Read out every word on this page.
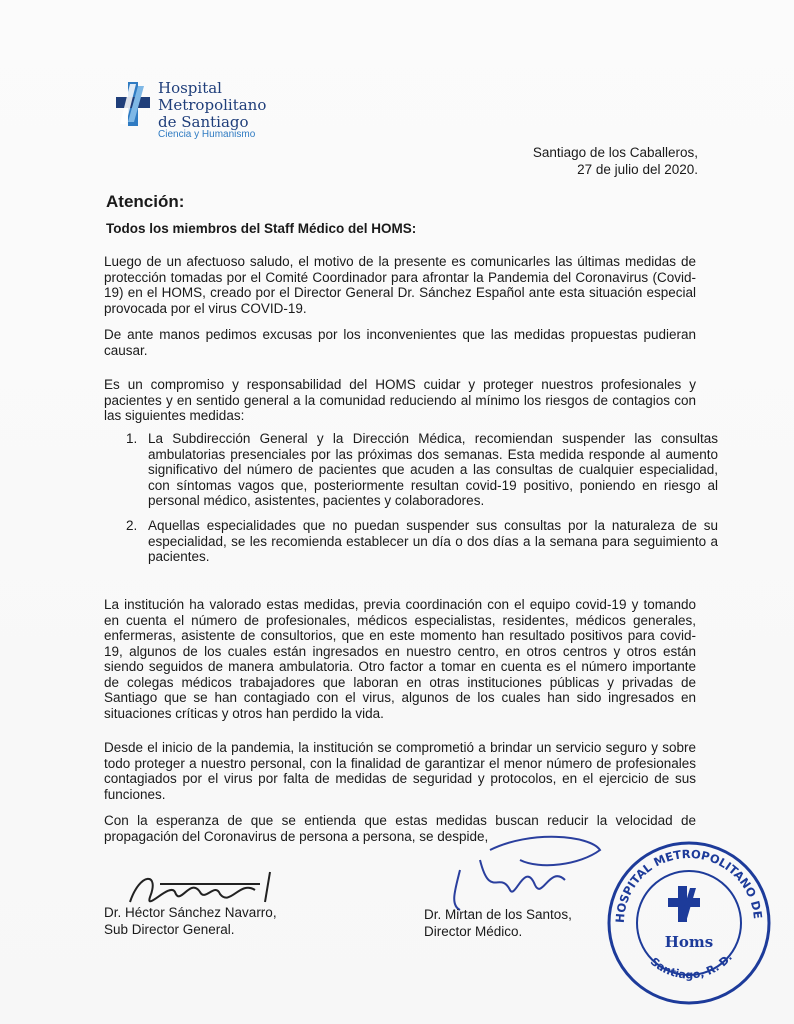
Hospital
Metropolitano
de Santiago
Ciencia y Humanismo
Santiago de los Caballeros,
27 de julio del 2020.
Atención:
Todos los miembros del Staff Médico del HOMS:
Luego de un afectuoso saludo, el motivo de la presente es comunicarles las últimas medidas de protección tomadas por el Comité Coordinador para afrontar la Pandemia del Coronavirus (Covid-19) en el HOMS, creado por el Director General Dr. Sánchez Español ante esta situación especial provocada por el virus COVID-19.
De ante manos pedimos excusas por los inconvenientes que las medidas propuestas pudieran causar.
Es un compromiso y responsabilidad del HOMS cuidar y proteger nuestros profesionales y pacientes y en sentido general a la comunidad reduciendo al mínimo los riesgos de contagios con las siguientes medidas:
1. La Subdirección General y la Dirección Médica, recomiendan suspender las consultas ambulatorias presenciales por las próximas dos semanas. Esta medida responde al aumento significativo del número de pacientes que acuden a las consultas de cualquier especialidad, con síntomas vagos que, posteriormente resultan covid-19 positivo, poniendo en riesgo al personal médico, asistentes, pacientes y colaboradores.
2. Aquellas especialidades que no puedan suspender sus consultas por la naturaleza de su especialidad, se les recomienda establecer un día o dos días a la semana para seguimiento a pacientes.
La institución ha valorado estas medidas, previa coordinación con el equipo covid-19 y tomando en cuenta el número de profesionales, médicos especialistas, residentes, médicos generales, enfermeras, asistente de consultorios, que en este momento han resultado positivos para covid-19, algunos de los cuales están ingresados en nuestro centro, en otros centros y otros están siendo seguidos de manera ambulatoria. Otro factor a tomar en cuenta es el número importante de colegas médicos trabajadores que laboran en otras instituciones públicas y privadas de Santiago que se han contagiado con el virus, algunos de los cuales han sido ingresados en situaciones críticas y otros han perdido la vida.
Desde el inicio de la pandemia, la institución se comprometió a brindar un servicio seguro y sobre todo proteger a nuestro personal, con la finalidad de garantizar el menor número de profesionales contagiados por el virus por falta de medidas de seguridad y protocolos, en el ejercicio de sus funciones.
Con la esperanza de que se entienda que estas medidas buscan reducir la velocidad de propagación del Coronavirus de persona a persona, se despide,
Dr. Héctor Sánchez Navarro,
Sub Director General.
Dr. Mirtan de los Santos,
Director Médico.
HOSPITAL METROPOLITANO DE
Santiago, R. D.
Homs
